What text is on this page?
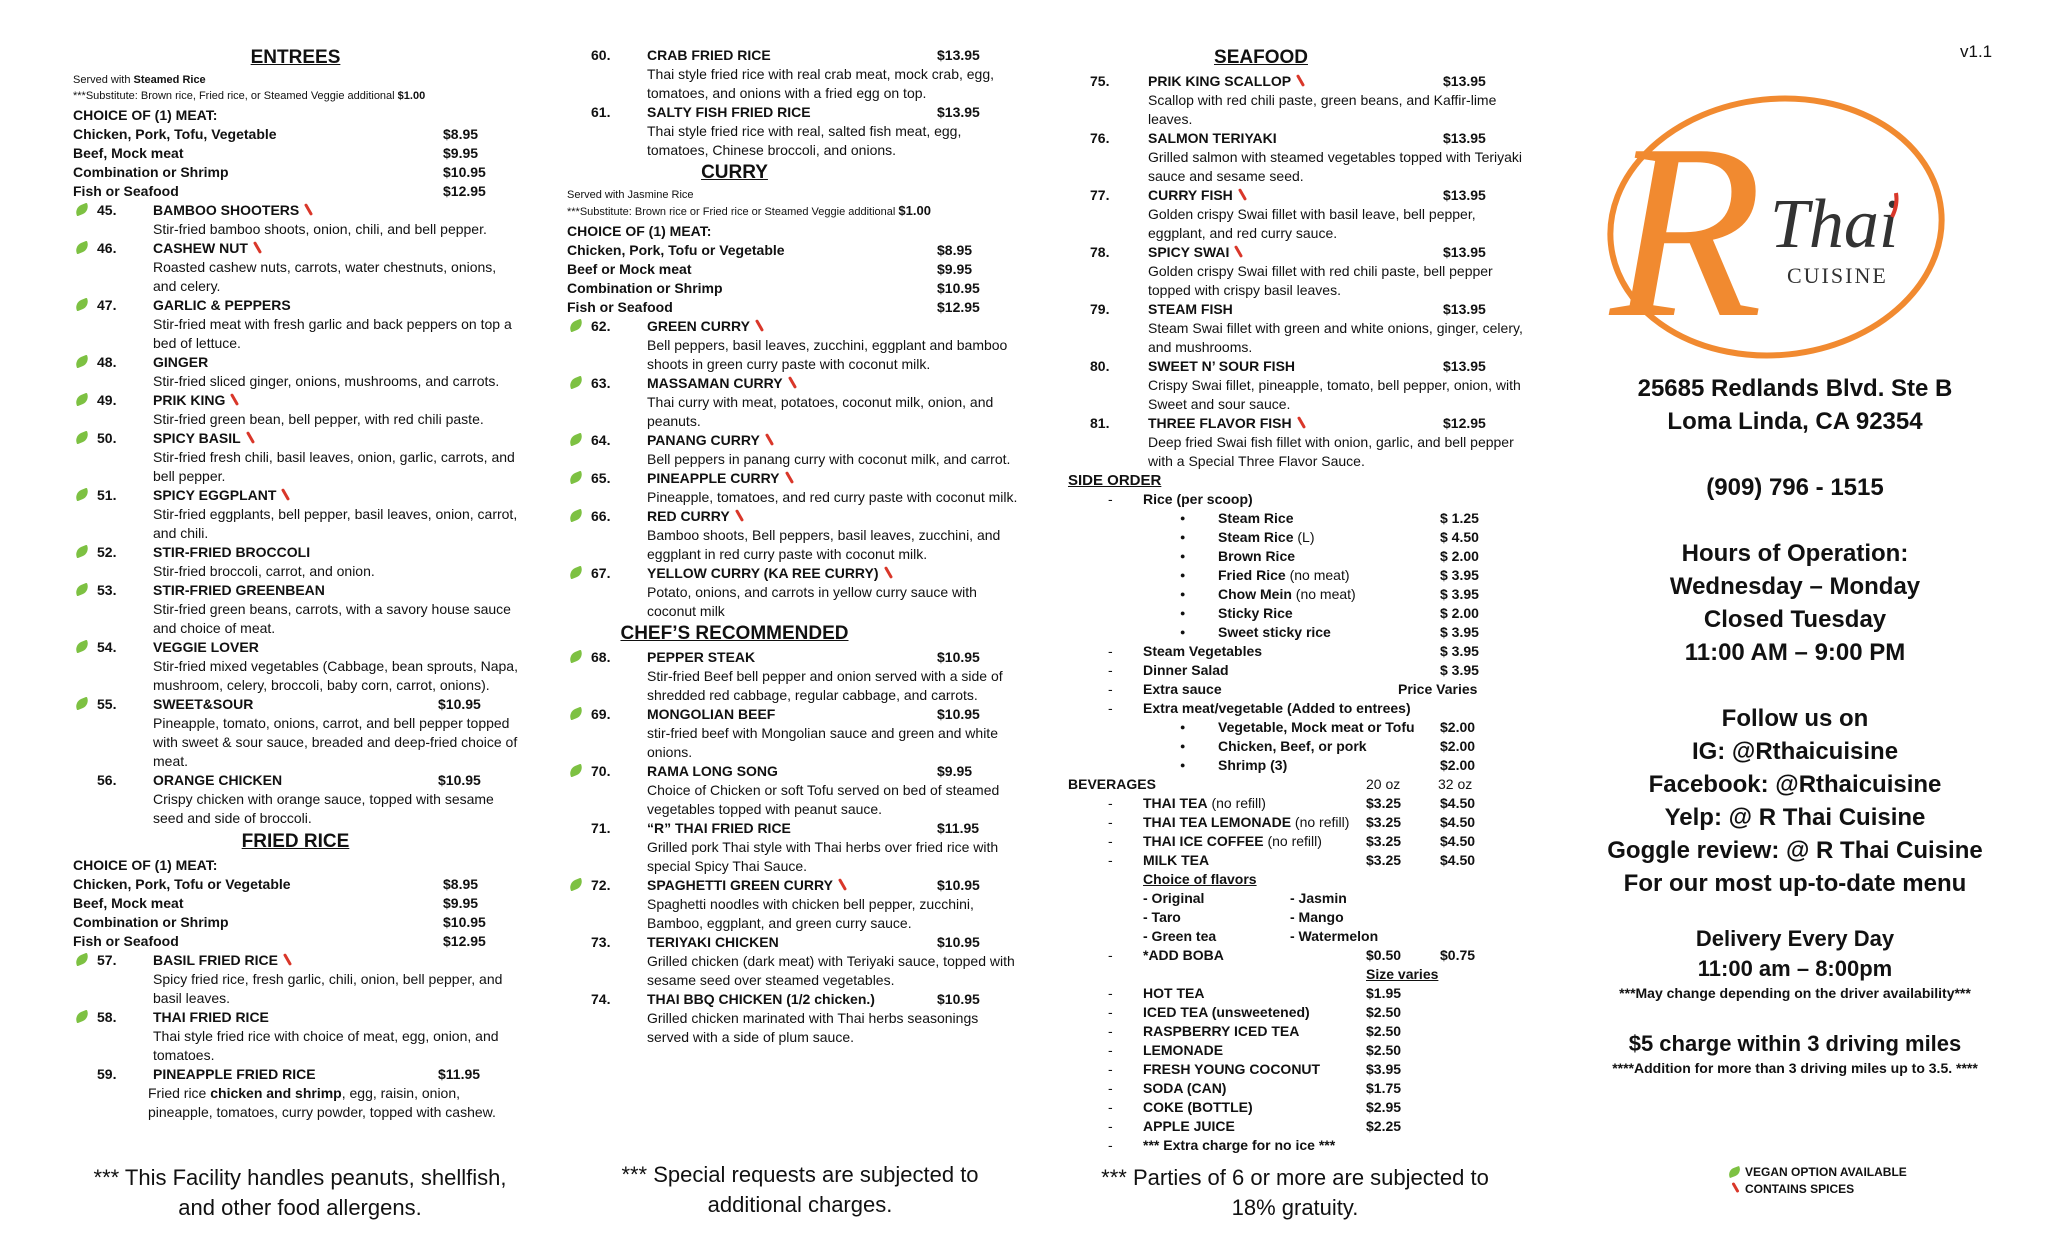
v1.1
ENTREES
Served with Steamed Rice
***Substitute: Brown rice, Fried rice, or Steamed Veggie additional $1.00
CHOICE OF (1) MEAT:
Chicken, Pork, Tofu, Vegetable	$8.95
Beef, Mock meat	$9.95
Combination or Shrimp	$10.95
Fish or Seafood	$12.95
45.	BAMBOO SHOOTERS
Stir-fried bamboo shoots, onion, chili, and bell pepper.
46.	CASHEW NUT
Roasted cashew nuts, carrots, water chestnuts, onions, and celery.
47.	GARLIC & PEPPERS
Stir-fried meat with fresh garlic and back peppers on top a bed of lettuce.
48.	GINGER
Stir-fried sliced ginger, onions, mushrooms, and carrots.
49.	PRIK KING
Stir-fried green bean, bell pepper, with red chili paste.
50.	SPICY BASIL
Stir-fried fresh chili, basil leaves, onion, garlic, carrots, and bell pepper.
51.	SPICY EGGPLANT
Stir-fried eggplants, bell pepper, basil leaves, onion, carrot, and chili.
52.	STIR-FRIED BROCCOLI
Stir-fried broccoli, carrot, and onion.
53.	STIR-FRIED GREENBEAN
Stir-fried green beans, carrots, with a savory house sauce and choice of meat.
54.	VEGGIE LOVER
Stir-fried mixed vegetables (Cabbage, bean sprouts, Napa, mushroom, celery, broccoli, baby corn, carrot, onions).
55.	SWEET&SOUR	$10.95
Pineapple, tomato, onions, carrot, and bell pepper topped with sweet & sour sauce, breaded and deep-fried choice of meat.
56.	ORANGE CHICKEN	$10.95
Crispy chicken with orange sauce, topped with sesame seed and side of broccoli.
FRIED RICE
CHOICE OF (1) MEAT:
Chicken, Pork, Tofu or Vegetable	$8.95
Beef, Mock meat	$9.95
Combination or Shrimp	$10.95
Fish or Seafood	$12.95
57.	BASIL FRIED RICE
Spicy fried rice, fresh garlic, chili, onion, bell pepper, and basil leaves.
58.	THAI FRIED RICE
Thai style fried rice with choice of meat, egg, onion, and tomatoes.
59.	PINEAPPLE FRIED RICE	$11.95
Fried rice chicken and shrimp, egg, raisin, onion, pineapple, tomatoes, curry powder, topped with cashew.
60.	CRAB FRIED RICE	$13.95
Thai style fried rice with real crab meat, mock crab, egg, tomatoes, and onions with a fried egg on top.
61.	SALTY FISH FRIED RICE	$13.95
Thai style fried rice with real, salted fish meat, egg, tomatoes, Chinese broccoli, and onions.
CURRY
Served with Jasmine Rice
***Substitute: Brown rice or Fried rice or Steamed Veggie additional $1.00
CHOICE OF (1) MEAT:
Chicken, Pork, Tofu or Vegetable	$8.95
Beef or Mock meat	$9.95
Combination or Shrimp	$10.95
Fish or Seafood	$12.95
62.	GREEN CURRY
Bell peppers, basil leaves, zucchini, eggplant and bamboo shoots in green curry paste with coconut milk.
63.	MASSAMAN CURRY
Thai curry with meat, potatoes, coconut milk, onion, and peanuts.
64.	PANANG CURRY
Bell peppers in panang curry with coconut milk, and carrot.
65.	PINEAPPLE CURRY
Pineapple, tomatoes, and red curry paste with coconut milk.
66.	RED CURRY
Bamboo shoots, Bell peppers, basil leaves, zucchini, and eggplant in red curry paste with coconut milk.
67.	YELLOW CURRY (KA REE CURRY)
Potato, onions, and carrots in yellow curry sauce with coconut milk
CHEF’S RECOMMENDED
68.	PEPPER STEAK	$10.95
Stir-fried Beef bell pepper and onion served with a side of shredded red cabbage, regular cabbage, and carrots.
69.	MONGOLIAN BEEF	$10.95
stir-fried beef with Mongolian sauce and green and white onions.
70.	RAMA LONG SONG	$9.95
Choice of Chicken or soft Tofu served on bed of steamed vegetables topped with peanut sauce.
71.	“R” THAI FRIED RICE	$11.95
Grilled pork Thai style with Thai herbs over fried rice with special Spicy Thai Sauce.
72.	SPAGHETTI GREEN CURRY	$10.95
Spaghetti noodles with chicken bell pepper, zucchini, Bamboo, eggplant, and green curry sauce.
73.	TERIYAKI CHICKEN	$10.95
Grilled chicken (dark meat) with Teriyaki sauce, topped with sesame seed over steamed vegetables.
74.	THAI BBQ CHICKEN (1/2 chicken.)	$10.95
Grilled chicken marinated with Thai herbs seasonings served with a side of plum sauce.
SEAFOOD
75.	PRIK KING SCALLOP	$13.95
Scallop with red chili paste, green beans, and Kaffir-lime leaves.
76.	SALMON TERIYAKI	$13.95
Grilled salmon with steamed vegetables topped with Teriyaki sauce and sesame seed.
77.	CURRY FISH	$13.95
Golden crispy Swai fillet with basil leave, bell pepper, eggplant, and red curry sauce.
78.	SPICY SWAI	$13.95
Golden crispy Swai fillet with red chili paste, bell pepper topped with crispy basil leaves.
79.	STEAM FISH	$13.95
Steam Swai fillet with green and white onions, ginger, celery, and mushrooms.
80.	SWEET N’ SOUR FISH	$13.95
Crispy Swai fillet, pineapple, tomato, bell pepper, onion, with Sweet and sour sauce.
81.	THREE FLAVOR FISH	$12.95
Deep fried Swai fish fillet with onion, garlic, and bell pepper with a Special Three Flavor Sauce.
SIDE ORDER
- Rice (per scoop)
● Steam Rice	$ 1.25
● Steam Rice (L)	$ 4.50
● Brown Rice	$ 2.00
● Fried Rice (no meat)	$ 3.95
● Chow Mein (no meat)	$ 3.95
● Sticky Rice	$ 2.00
● Sweet sticky rice	$ 3.95
- Steam Vegetables	$ 3.95
- Dinner Salad	$ 3.95
- Extra sauce	Price Varies
- Extra meat/vegetable (Added to entrees)
● Vegetable, Mock meat or Tofu $2.00
● Chicken, Beef, or pork	$2.00
● Shrimp (3)	$2.00
BEVERAGES	20 oz	32 oz
- THAI TEA (no refill)	$3.25	$4.50
- THAI TEA LEMONADE (no refill) $3.25	$4.50
- THAI ICE COFFEE (no refill)	$3.25	$4.50
- MILK TEA	$3.25	$4.50
Choice of flavors
- Original	- Jasmin
- Taro	- Mango
- Green tea	- Watermelon
- *ADD BOBA	$0.50	$0.75
Size varies
- HOT TEA	$1.95
- ICED TEA (unsweetened)	$2.50
- RASPBERRY ICED TEA	$2.50
- LEMONADE	$2.50
- FRESH YOUNG COCONUT	$3.95
- SODA (CAN)	$1.75
- COKE (BOTTLE)	$2.95
- APPLE JUICE	$2.25
- *** Extra charge for no ice ***
*** This Facility handles peanuts, shellfish, and other food allergens.
*** Special requests are subjected to additional charges.
*** Parties of 6 or more are subjected to 18% gratuity.
R Thai
CUISINE
25685 Redlands Blvd. Ste B
Loma Linda, CA 92354
(909) 796 - 1515
Hours of Operation:
Wednesday – Monday
Closed Tuesday
11:00 AM – 9:00 PM
Follow us on
IG: @Rthaicuisine
Facebook: @Rthaicuisine
Yelp: @ R Thai Cuisine
Goggle review: @ R Thai Cuisine
For our most up-to-date menu
Delivery Every Day
11:00 am – 8:00pm
***May change depending on the driver availability***
$5 charge within 3 driving miles
****Addition for more than 3 driving miles up to 3.5. ****
VEGAN OPTION AVAILABLE
CONTAINS SPICES
